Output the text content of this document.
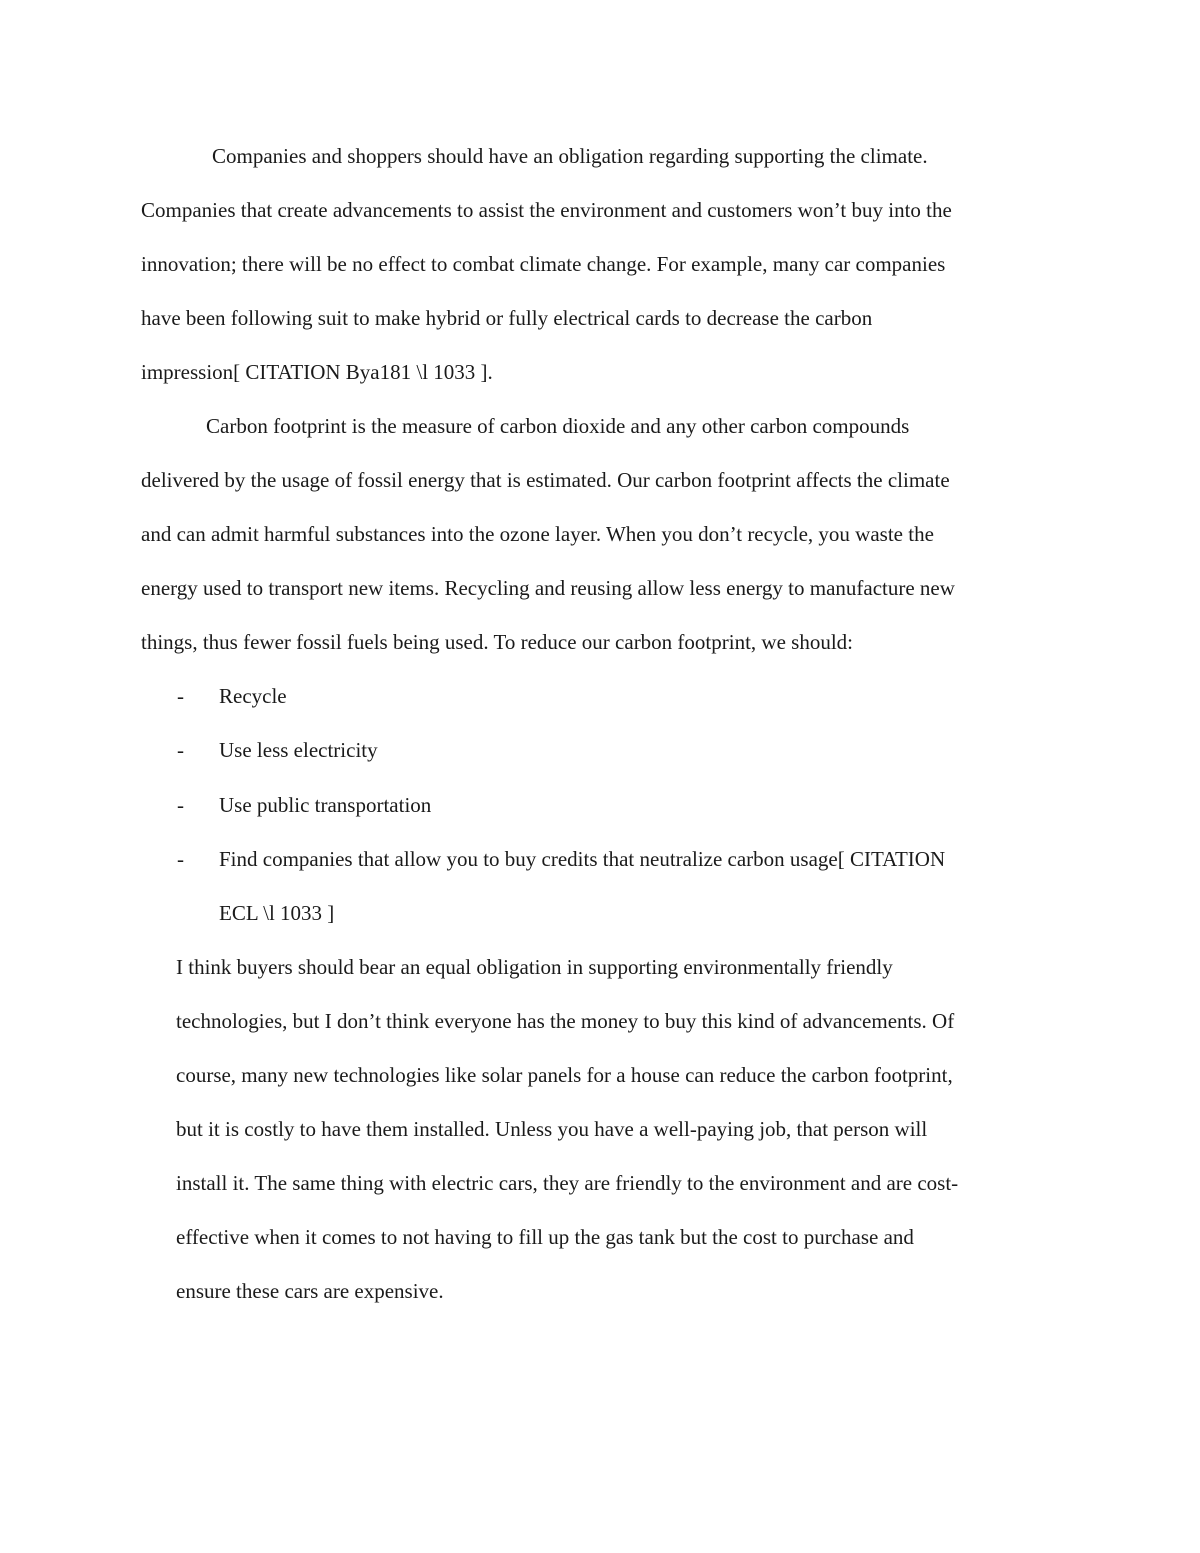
Companies and shoppers should have an obligation regarding supporting the climate.
Companies that create advancements to assist the environment and customers won’t buy into the
innovation; there will be no effect to combat climate change. For example, many car companies
have been following suit to make hybrid or fully electrical cards to decrease the carbon
impression[ CITATION Bya181 \l 1033 ].
Carbon footprint is the measure of carbon dioxide and any other carbon compounds
delivered by the usage of fossil energy that is estimated. Our carbon footprint affects the climate
and can admit harmful substances into the ozone layer. When you don’t recycle, you waste the
energy used to transport new items. Recycling and reusing allow less energy to manufacture new
things, thus fewer fossil fuels being used. To reduce our carbon footprint, we should:
- Recycle
- Use less electricity
- Use public transportation
- Find companies that allow you to buy credits that neutralize carbon usage[ CITATION
ECL \l 1033 ]
I think buyers should bear an equal obligation in supporting environmentally friendly
technologies, but I don’t think everyone has the money to buy this kind of advancements. Of
course, many new technologies like solar panels for a house can reduce the carbon footprint,
but it is costly to have them installed. Unless you have a well-paying job, that person will
install it. The same thing with electric cars, they are friendly to the environment and are cost-
effective when it comes to not having to fill up the gas tank but the cost to purchase and
ensure these cars are expensive.
